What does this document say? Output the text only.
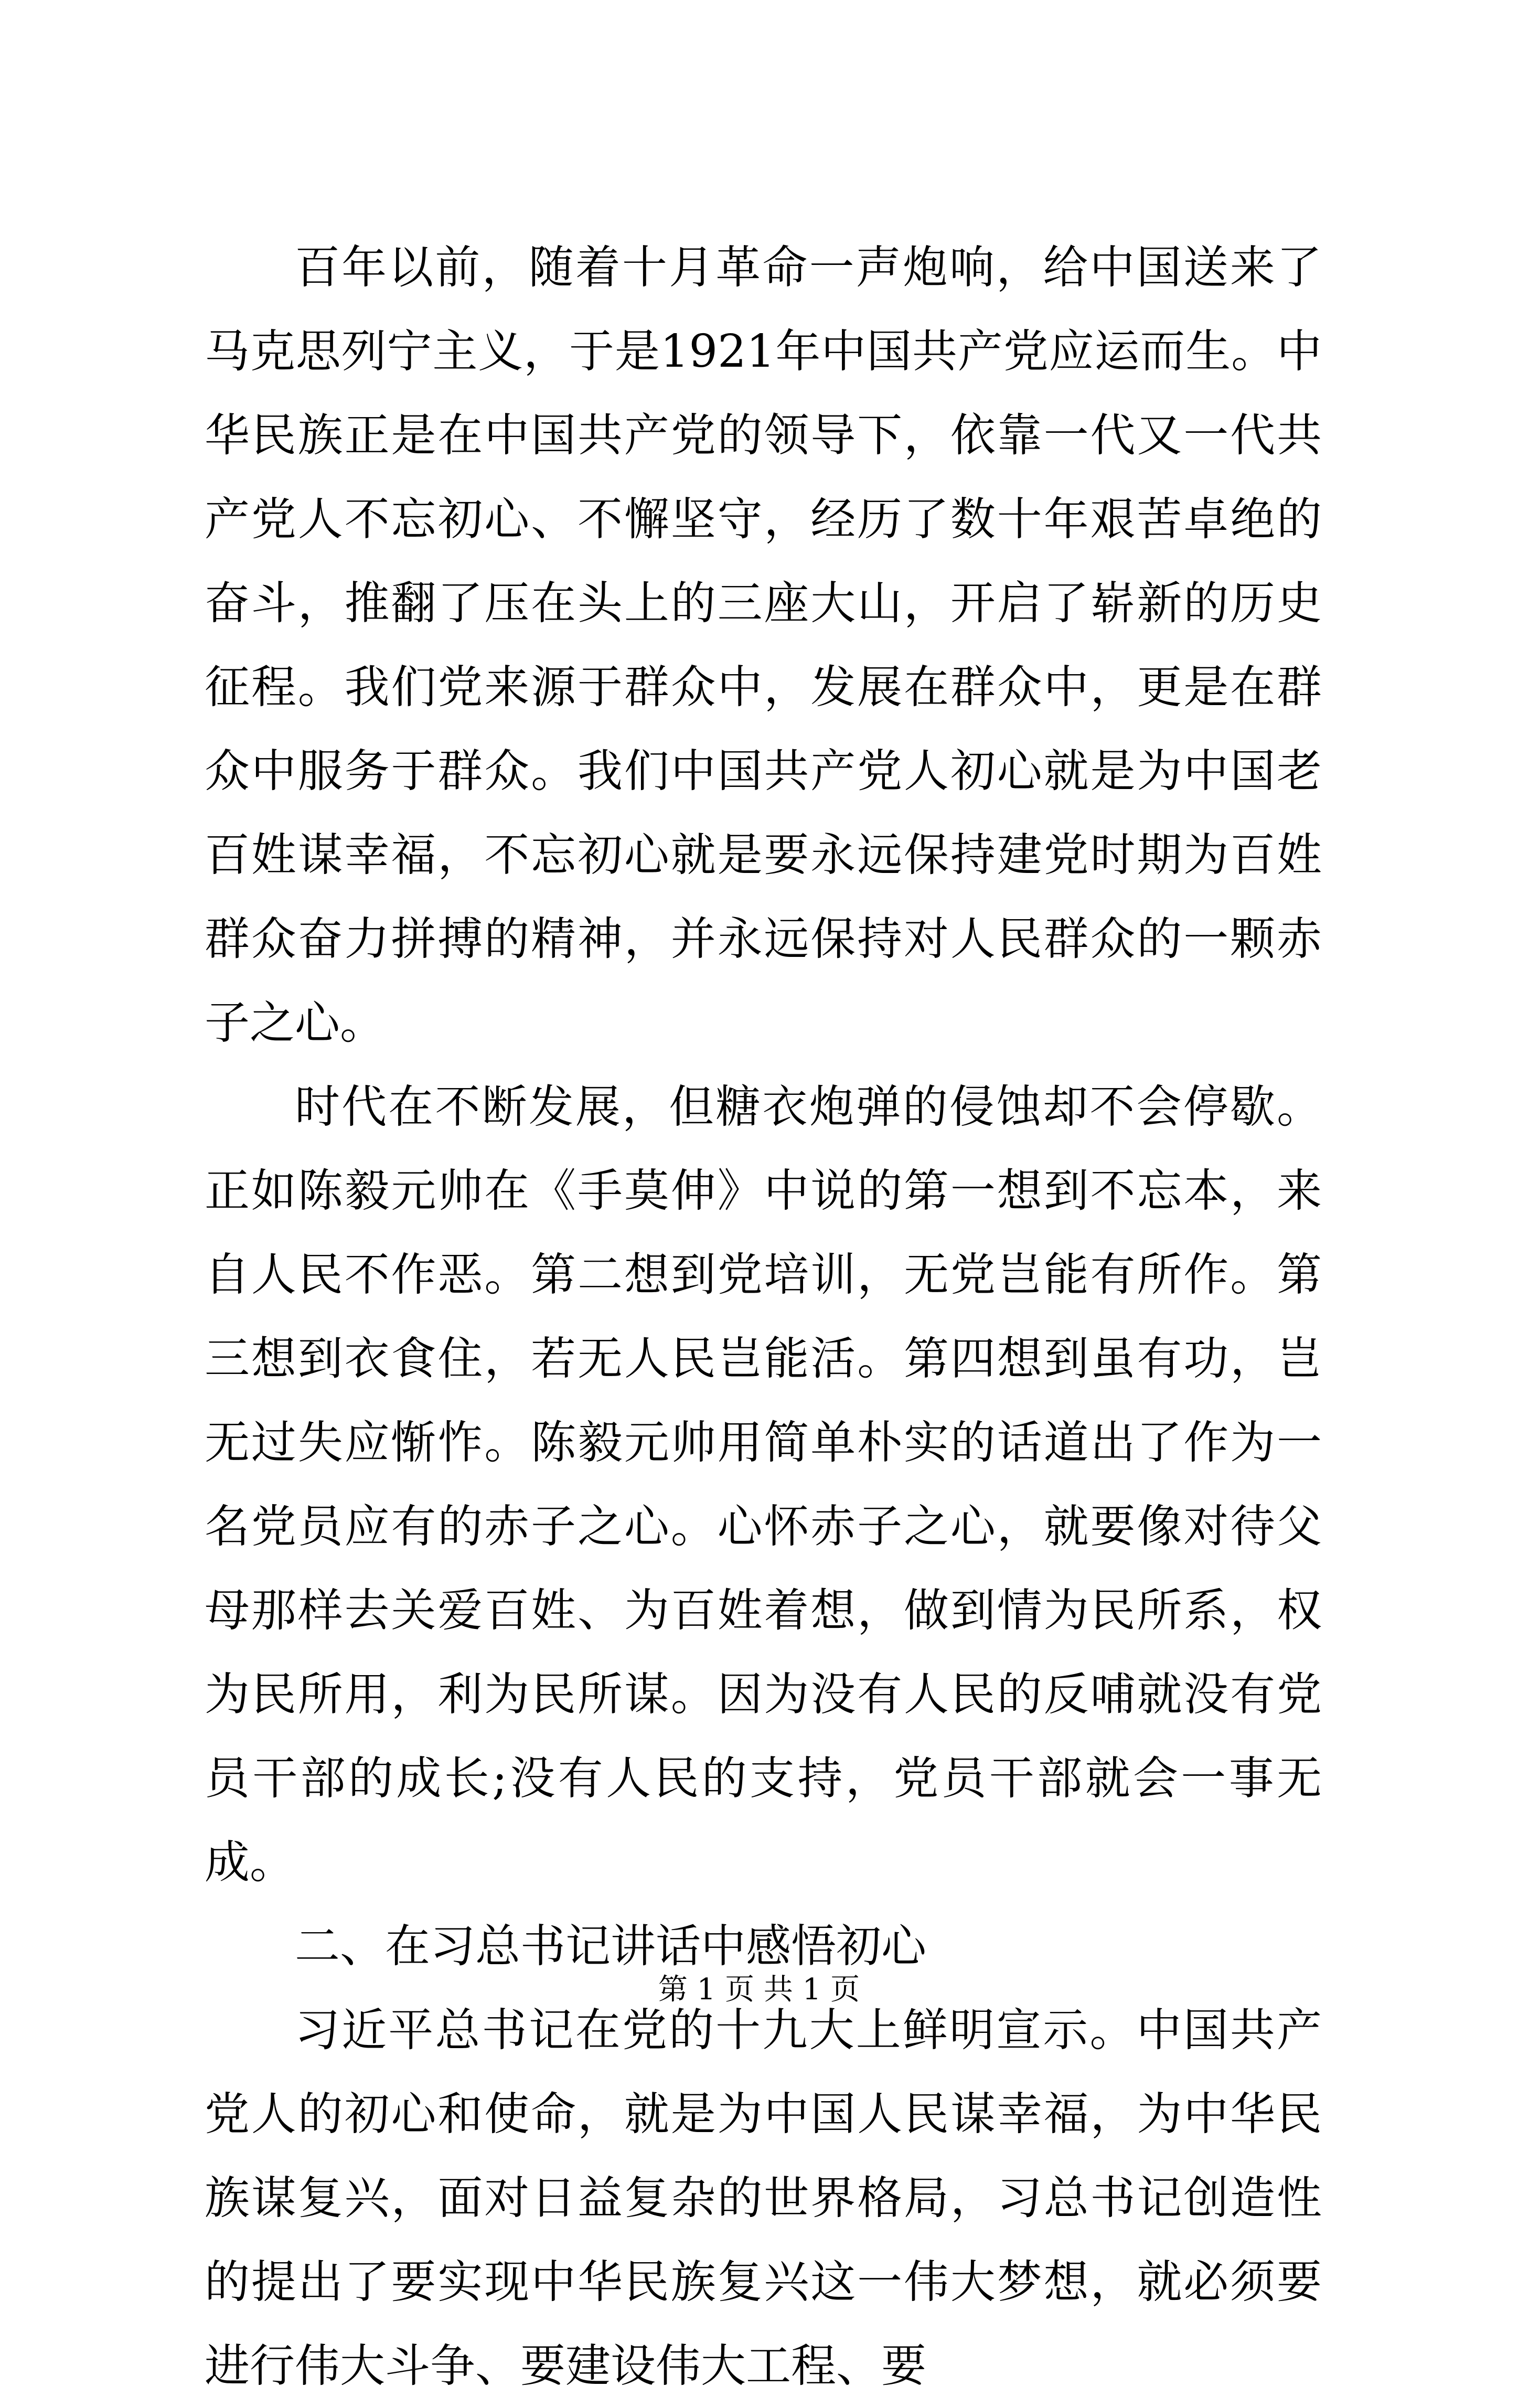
百年以前，随着十月革命一声炮响，给中国送来了马克思列宁主义，于是1921年中国共产党应运而生。中华民族正是在中国共产党的领导下，依靠一代又一代共产党人不忘初心、不懈坚守，经历了数十年艰苦卓绝的奋斗，推翻了压在头上的三座大山，开启了崭新的历史征程。我们党来源于群众中，发展在群众中，更是在群众中服务于群众。我们中国共产党人初心就是为中国老百姓谋幸福，不忘初心就是要永远保持建党时期为百姓群众奋力拼搏的精神，并永远保持对人民群众的一颗赤子之心。

时代在不断发展，但糖衣炮弹的侵蚀却不会停歇。正如陈毅元帅在《手莫伸》中说的第一想到不忘本，来自人民不作恶。第二想到党培训，无党岂能有所作。第三想到衣食住，若无人民岂能活。第四想到虽有功，岂无过失应惭怍。陈毅元帅用简单朴实的话道出了作为一名党员应有的赤子之心。心怀赤子之心，就要像对待父母那样去关爱百姓、为百姓着想，做到情为民所系，权为民所用，利为民所谋。因为没有人民的反哺就没有党员干部的成长;没有人民的支持，党员干部就会一事无成。

二、在习总书记讲话中感悟初心

习近平总书记在党的十九大上鲜明宣示。中国共产党人的初心和使命，就是为中国人民谋幸福，为中华民族谋复兴，面对日益复杂的世界格局，习总书记创造性的提出了要实现中华民族复兴这一伟大梦想，就必须要进行伟大斗争、要建设伟大工程、要

第 1 页 共 1 页
